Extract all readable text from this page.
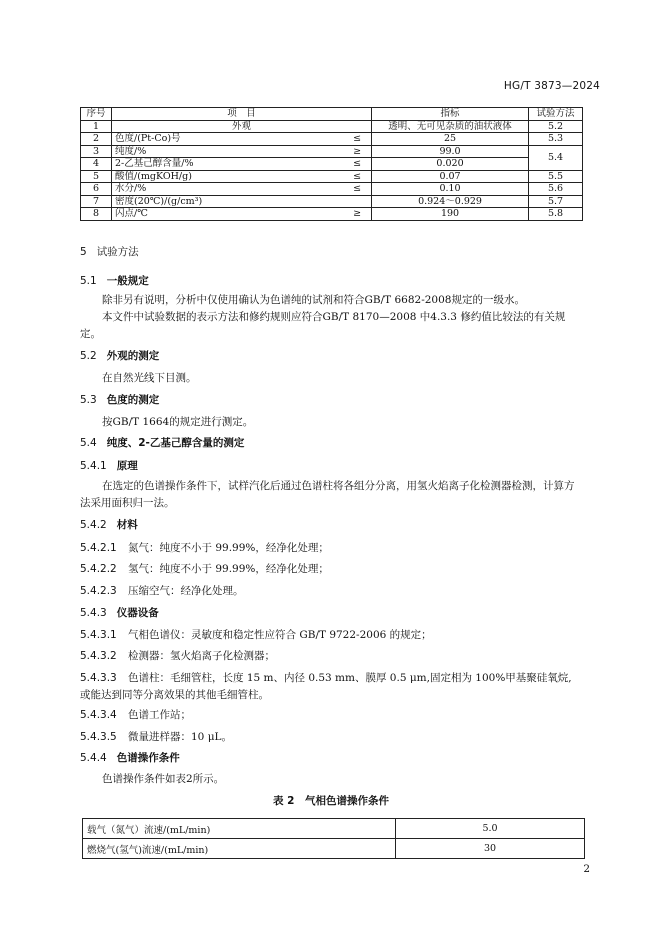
HG/T 3873—2024
序号	项　目		指标	试验方法
1	外观		透明、无可见杂质的油状液体	5.2
2	色度/(Pt-Co)号	≤	25	5.3
3	纯度/%	≥	99.0	5.4
4	2-乙基己醇含量/%	≤	0.020	
5	酸值/(mgKOH/g)	≤	0.07	5.5
6	水分/%	≤	0.10	5.6
7	密度(20℃)/(g/cm³)		0.924～0.929	5.7
8	闪点/℃	≥	190	5.8
5 试验方法
5.1 一般规定
除非另有说明，分析中仅使用确认为色谱纯的试剂和符合GB/T 6682-2008规定的一级水。
本文件中试验数据的表示方法和修约规则应符合GB/T 8170—2008 中4.3.3 修约值比较法的有关规定。
5.2 外观的测定
在自然光线下目测。
5.3 色度的测定
按GB/T 1664的规定进行测定。
5.4 纯度、2-乙基己醇含量的测定
5.4.1 原理
在选定的色谱操作条件下，试样汽化后通过色谱柱将各组分分离，用氢火焰离子化检测器检测，计算方法采用面积归一法。
5.4.2 材料
5.4.2.1 氮气：纯度不小于 99.99%，经净化处理；
5.4.2.2 氢气：纯度不小于 99.99%，经净化处理；
5.4.2.3 压缩空气：经净化处理。
5.4.3 仪器设备
5.4.3.1 气相色谱仪：灵敏度和稳定性应符合 GB/T 9722-2006 的规定；
5.4.3.2 检测器：氢火焰离子化检测器；
5.4.3.3 色谱柱：毛细管柱，长度 15 m、内径 0.53 mm、膜厚 0.5 μm,固定相为 100%甲基聚硅氧烷,
或能达到同等分离效果的其他毛细管柱。
5.4.3.4 色谱工作站；
5.4.3.5 微量进样器：10 μL。
5.4.4 色谱操作条件
色谱操作条件如表2所示。
表 2　气相色谱操作条件
载气（氮气）流速/(mL/min)	5.0
燃烧气(氢气)流速/(mL/min)	30
2
